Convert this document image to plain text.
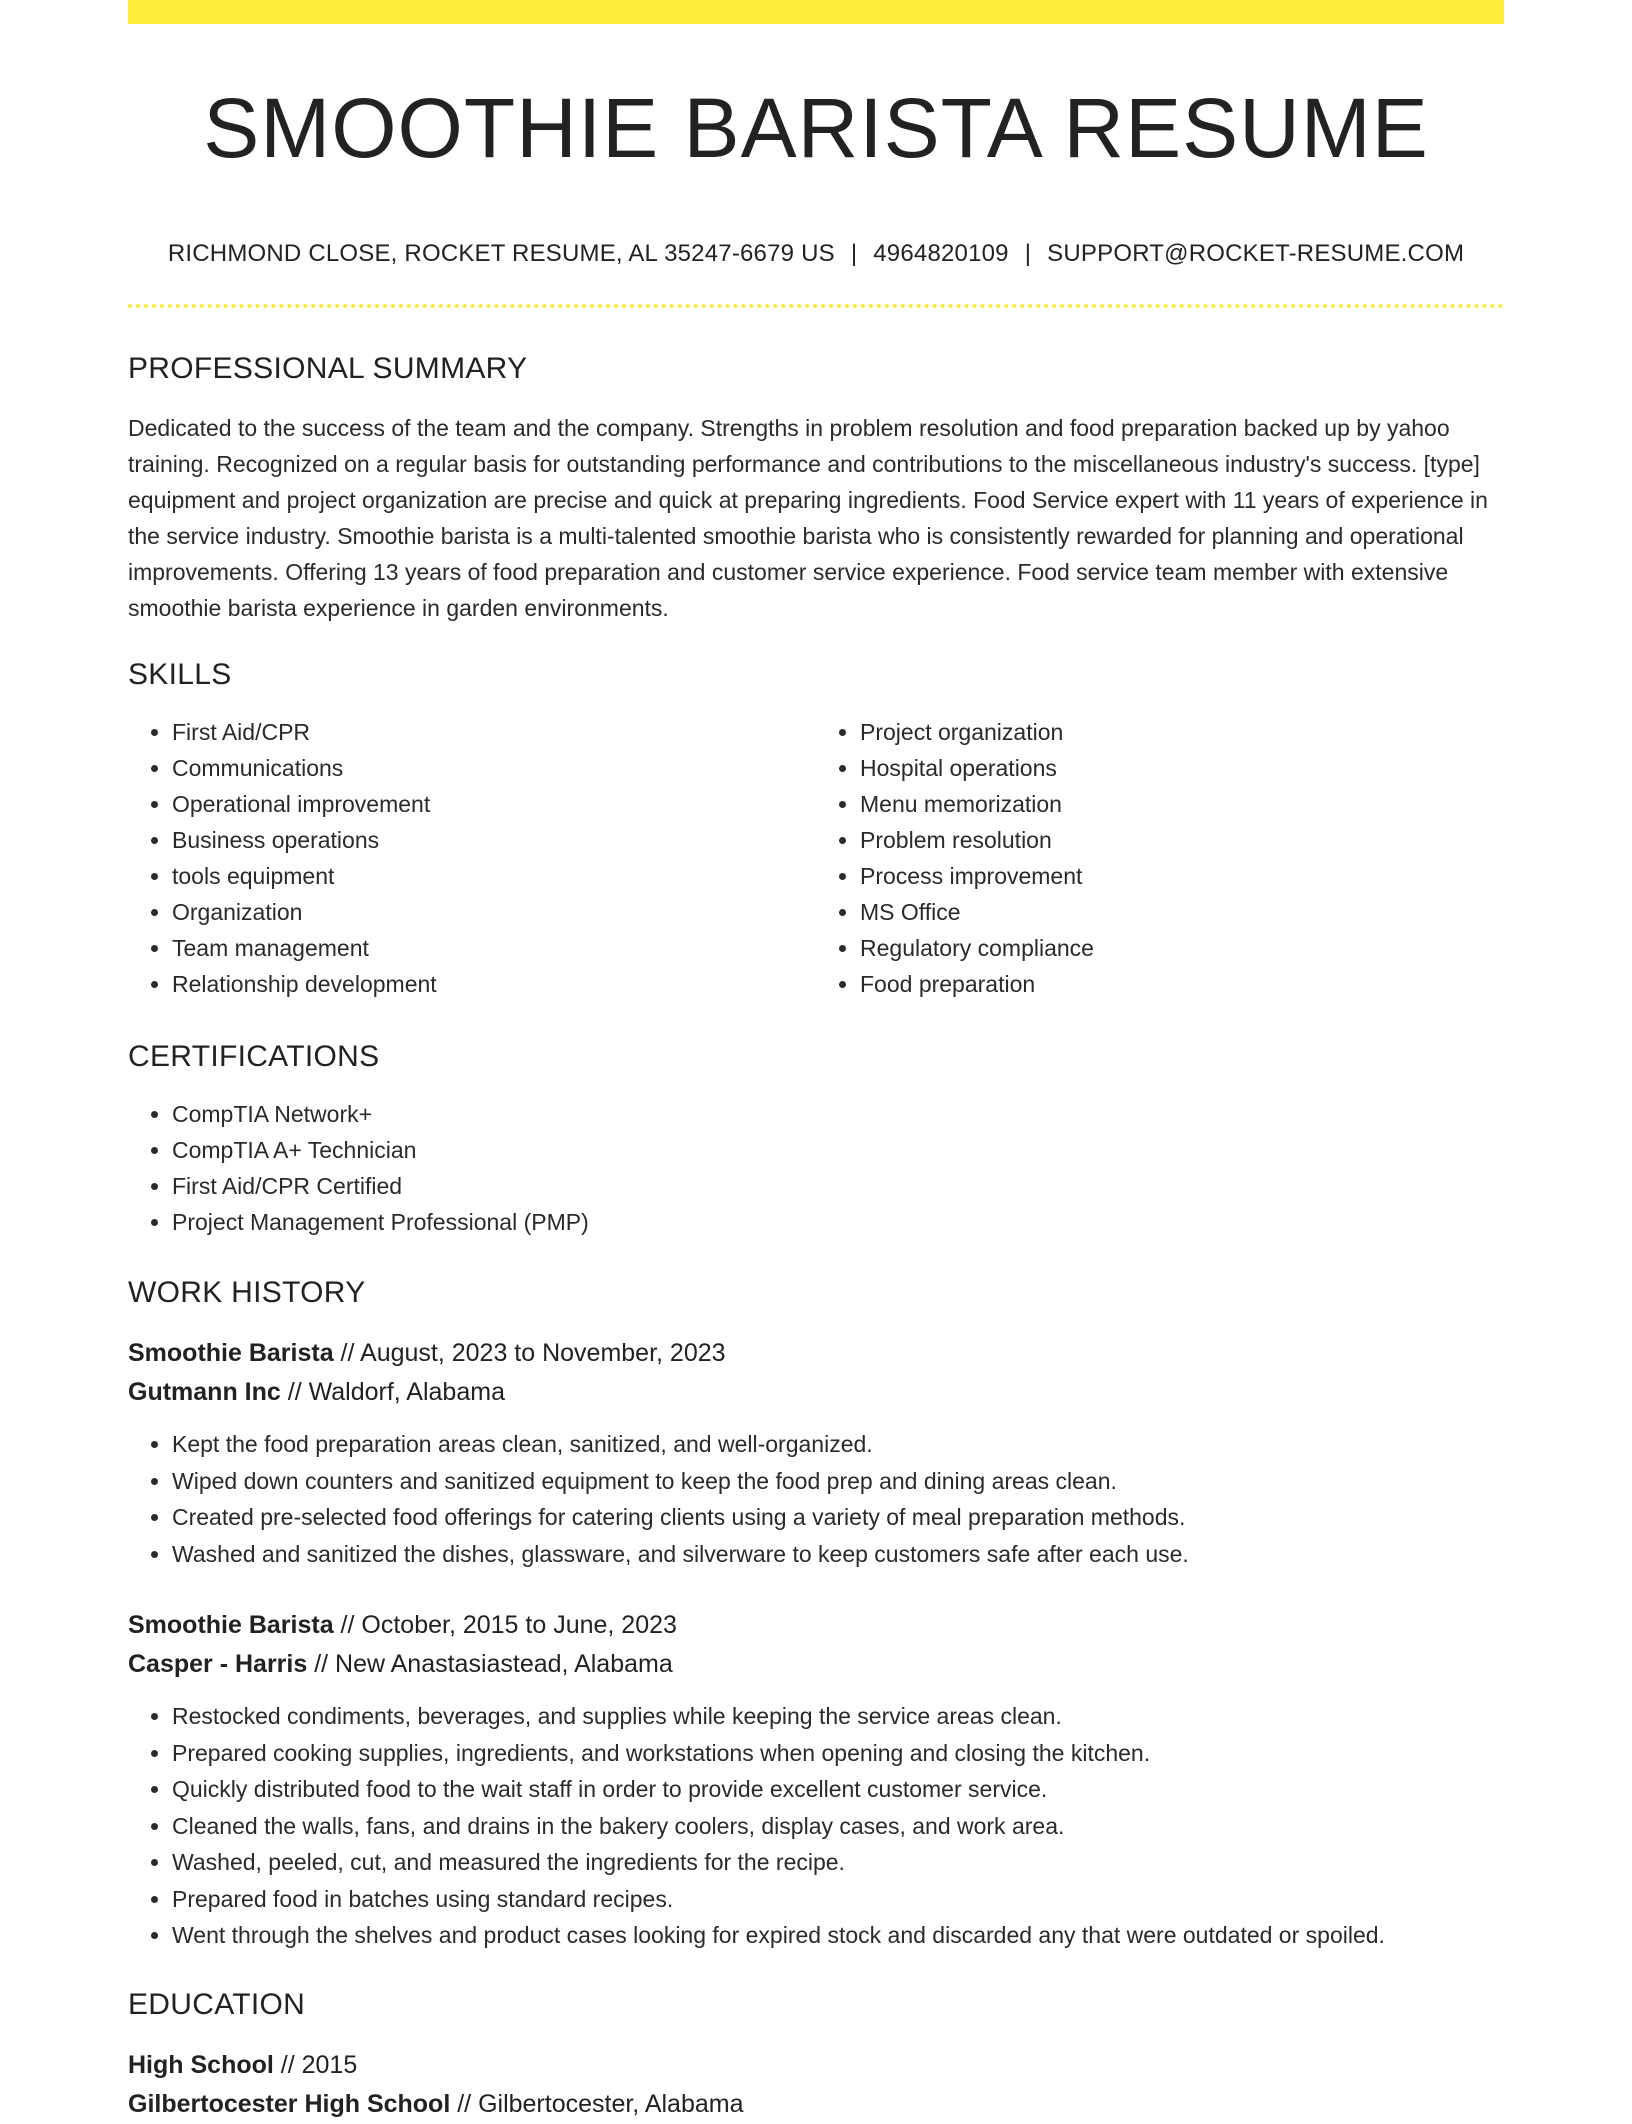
SMOOTHIE BARISTA RESUME
RICHMOND CLOSE, ROCKET RESUME, AL 35247-6679 US | 4964820109 | SUPPORT@ROCKET-RESUME.COM
PROFESSIONAL SUMMARY
Dedicated to the success of the team and the company. Strengths in problem resolution and food preparation backed up by yahoo training. Recognized on a regular basis for outstanding performance and contributions to the miscellaneous industry's success. [type] equipment and project organization are precise and quick at preparing ingredients. Food Service expert with 11 years of experience in the service industry. Smoothie barista is a multi-talented smoothie barista who is consistently rewarded for planning and operational improvements. Offering 13 years of food preparation and customer service experience. Food service team member with extensive smoothie barista experience in garden environments.
SKILLS
• First Aid/CPR
• Communications
• Operational improvement
• Business operations
• tools equipment
• Organization
• Team management
• Relationship development
• Project organization
• Hospital operations
• Menu memorization
• Problem resolution
• Process improvement
• MS Office
• Regulatory compliance
• Food preparation
CERTIFICATIONS
• CompTIA Network+
• CompTIA A+ Technician
• First Aid/CPR Certified
• Project Management Professional (PMP)
WORK HISTORY
Smoothie Barista // August, 2023 to November, 2023
Gutmann Inc // Waldorf, Alabama
• Kept the food preparation areas clean, sanitized, and well-organized.
• Wiped down counters and sanitized equipment to keep the food prep and dining areas clean.
• Created pre-selected food offerings for catering clients using a variety of meal preparation methods.
• Washed and sanitized the dishes, glassware, and silverware to keep customers safe after each use.
Smoothie Barista // October, 2015 to June, 2023
Casper - Harris // New Anastasiastead, Alabama
• Restocked condiments, beverages, and supplies while keeping the service areas clean.
• Prepared cooking supplies, ingredients, and workstations when opening and closing the kitchen.
• Quickly distributed food to the wait staff in order to provide excellent customer service.
• Cleaned the walls, fans, and drains in the bakery coolers, display cases, and work area.
• Washed, peeled, cut, and measured the ingredients for the recipe.
• Prepared food in batches using standard recipes.
• Went through the shelves and product cases looking for expired stock and discarded any that were outdated or spoiled.
EDUCATION
High School // 2015
Gilbertocester High School // Gilbertocester, Alabama
